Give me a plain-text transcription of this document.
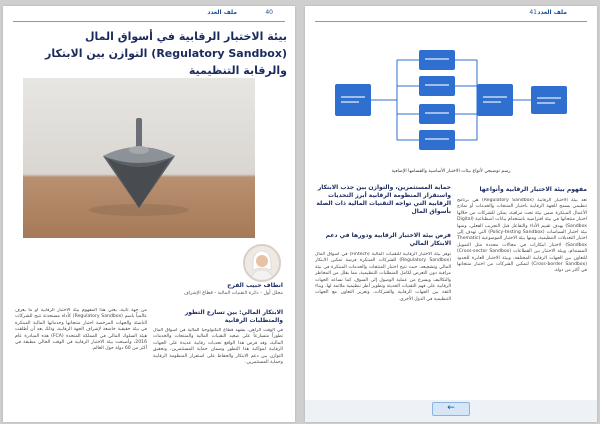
ملف العدد	40
بيئة الاختبار الرقابية في أسواق المال (Regulatory Sandbox) التوازن بين الابتكار والرقابة التنظيمية
انطاف حبيب الفرج
محلل أول - دائرة التقنيات المالية - قطاع الإشراف
الابتكار المالي: بين تسارع التطور والمتطلبات الرقابية
في الوقت الراهن، يشهد قطاع التكنولوجيا المالية في أسواق المال تطوراً متسارعاً على صعيد التقنيات المالية والمنتجات والخدمات المالية، وقد فرض هذا الواقع تحديات رقابية عديدة على الجهات الرقابية لمواكبة هذا التطور وضمان حماية المستثمرين، وتحقيق التوازن بين دعم الابتكار والحفاظ على استقرار المنظومة الرقابية وحماية المستثمرين.
من جهة ثانية، يعني هذا المفهوم بيئة الاختبار الرقابية أو ما يعرف عالمياً باسم (Regulatory Sandbox) كأداة مستحدثة تتيح للشركات الناشئة والجهات المرخصة اختبار منتجاتها وخدماتها المالية المبتكرة في بيئة حقيقية خاضعة لإشراف الجهة الرقابية، وذلك بعد أن أطلقت هيئة السلوك المالي في المملكة المتحدة (FCA) هذه المبادرة عام 2016، وأصبحت بيئة الاختبار الرقابية في الوقت الحالي مطبقة في أكثر من 60 دولة حول العالم.
ملف العدد
41
رسم توضيحي لأنواع بيئات الاختبار الأساسية والقسامها الإضافية
مفهوم بيئة الاختبار الرقابية وأنواعها
تعد بيئة الاختبار الرقابية (Regulatory Sandbox) هي برنامج تنظيمي يسمح للجهة الرقابية باختبار المنتجات والخدمات أو نماذج الأعمال المبتكرة ضمن بيئة تحت مراقبة، يمكن للشركات من خلالها اختبار منتجاتها في بيئة افتراضية باستخدام بيانات اصطناعية (Digital Sandbox) بهدف تقييم الأداء والتفاعل قبل التجريب الفعلي، ومنها بيئة اختبار السياسات (Policy-testing Sandbox) التي تهدف إلى اختبار التعديلات التنظيمية، ومنها بيئة الاختبار الموضوعية (Thematic Sandbox) لاختبار ابتكارات في مجالات محددة مثل التمويل المستدام، وبيئة الاختبار بين القطاعات (Cross-sector Sandbox) للتعاون بين الجهات الرقابية المختلفة، وبيئة الاختبار العابرة للحدود (Cross-border Sandbox) لتمكين الشركات من اختبار منتجاتها في أكثر من دولة.
حماية المستثمرين، والتوازن بين جذب الابتكار واستقرار المنظومة الرقابية أبرز التحديات الرقابية التي تواجه التقنيات المالية ذات الصلة بأسواق المال
فرص بيئة الاختبار الرقابية ودورها في دعم الابتكار المالي
توفر بيئة الاختبار الرقابية للتقنيات المالية (Fintech) في أسواق المال (Regulatory Sandbox) للشركات المبتكرة فرصة تمكين الابتكار المالي وتشجيعه، حيث تتيح اختبار المنتجات والخدمات المبتكرة في بيئة مراقبة دون التعرض لكامل المتطلبات التنظيمية، مما يقلل من المخاطر والتكاليف ويسرع من عملية الوصول إلى السوق، كما تساعد الجهات الرقابية على فهم التقنيات الحديثة وتطوير أطر تنظيمية ملائمة لها، وبناء الثقة بين الجهات الرقابية والشركات، وتعزيز التعاون مع الجهات التنظيمية في الدول الأخرى.
←
